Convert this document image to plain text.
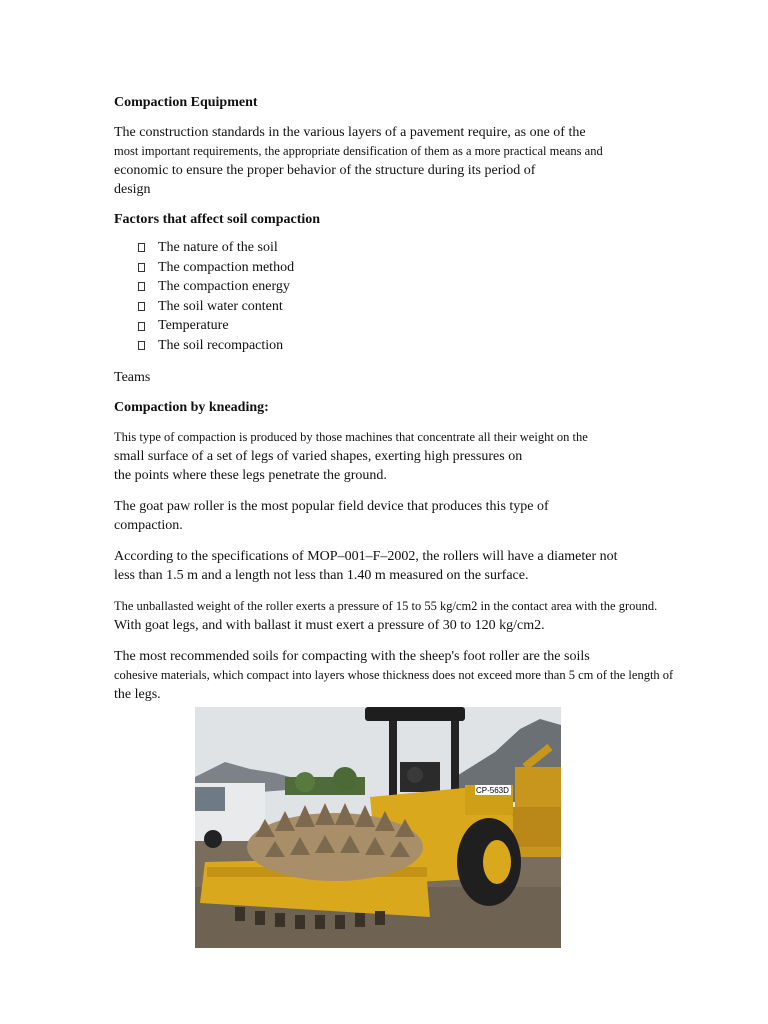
Compaction Equipment

The construction standards in the various layers of a pavement require, as one of the
most important requirements, the appropriate densification of them as a more practical means and
economic to ensure the proper behavior of the structure during its period of
design

Factors that affect soil compaction

The nature of the soil
The compaction method
The compaction energy
The soil water content
Temperature
The soil recompaction
Teams

Compaction by kneading:

This type of compaction is produced by those machines that concentrate all their weight on the
small surface of a set of legs of varied shapes, exerting high pressures on
the points where these legs penetrate the ground.
The goat paw roller is the most popular field device that produces this type of
compaction.
According to the specifications of MOP–001–F–2002, the rollers will have a diameter not
less than 1.5 m and a length not less than 1.40 m measured on the surface.
The unballasted weight of the roller exerts a pressure of 15 to 55 kg/cm2 in the contact area with the ground.
With goat legs, and with ballast it must exert a pressure of 30 to 120 kg/cm2.
The most recommended soils for compacting with the sheep's foot roller are the soils
cohesive materials, which compact into layers whose thickness does not exceed more than 5 cm of the length of
the legs.
CP-563D
